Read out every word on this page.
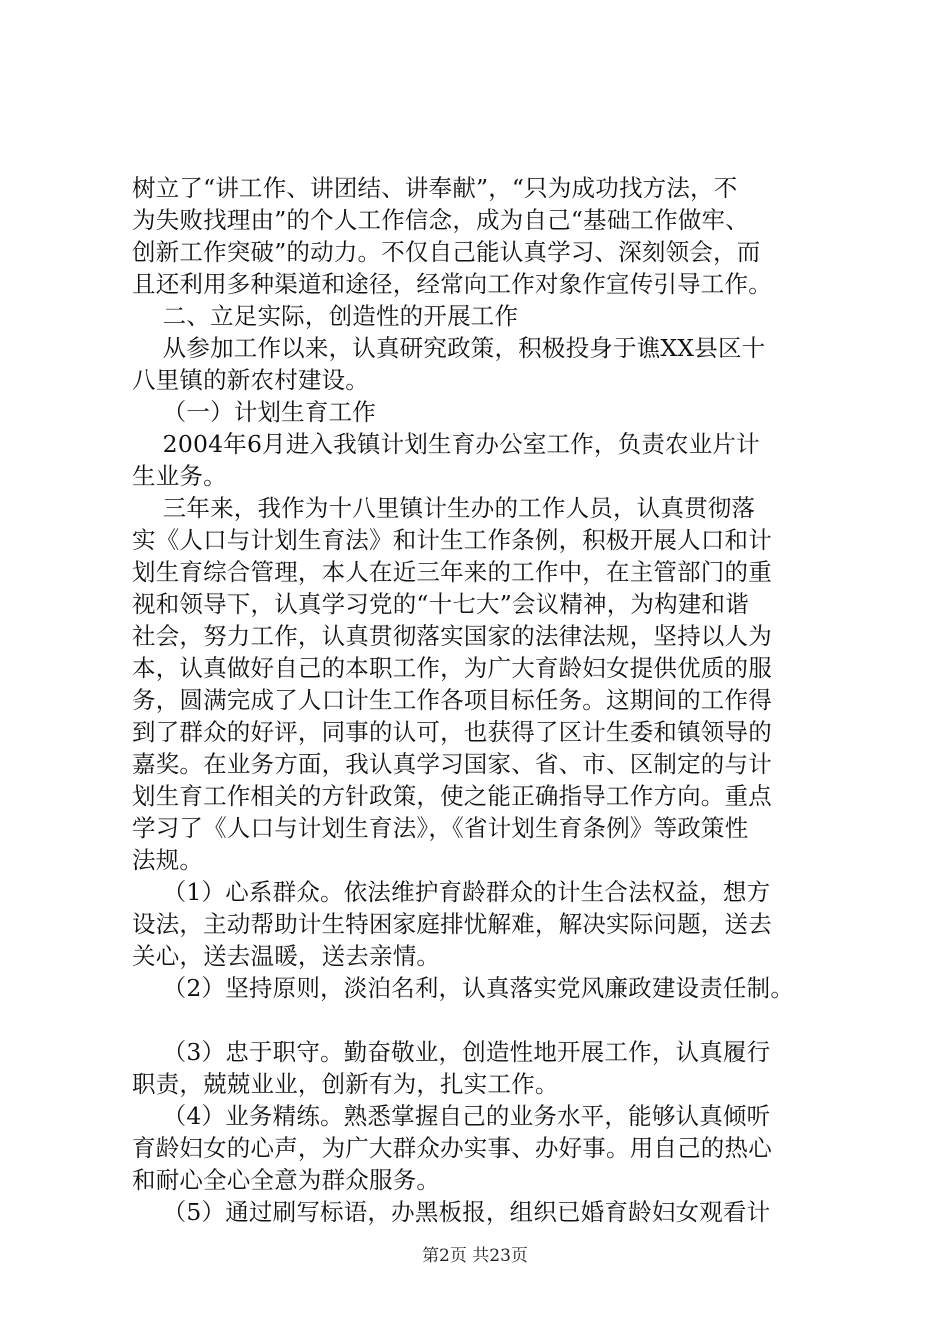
树立了“讲工作、讲团结、讲奉献”，“只为成功找方法，不
为失败找理由”的个人工作信念，成为自己“基础工作做牢、
创新工作突破”的动力。不仅自己能认真学习、深刻领会，而
且还利用多种渠道和途径，经常向工作对象作宣传引导工作。
二、立足实际，创造性的开展工作
从参加工作以来，认真研究政策，积极投身于谯XX县区十
八里镇的新农村建设。
（一）计划生育工作
2004年6月进入我镇计划生育办公室工作，负责农业片计
生业务。
三年来，我作为十八里镇计生办的工作人员，认真贯彻落
实《人口与计划生育法》和计生工作条例，积极开展人口和计
划生育综合管理，本人在近三年来的工作中，在主管部门的重
视和领导下，认真学习党的“十七大”会议精神，为构建和谐
社会，努力工作，认真贯彻落实国家的法律法规，坚持以人为
本，认真做好自己的本职工作，为广大育龄妇女提供优质的服
务，圆满完成了人口计生工作各项目标任务。这期间的工作得
到了群众的好评，同事的认可，也获得了区计生委和镇领导的
嘉奖。在业务方面，我认真学习国家、省、市、区制定的与计
划生育工作相关的方针政策，使之能正确指导工作方向。重点
学习了《人口与计划生育法》，《省计划生育条例》等政策性
法规。
（1）心系群众。依法维护育龄群众的计生合法权益，想方
设法，主动帮助计生特困家庭排忧解难，解决实际问题，送去
关心，送去温暖，送去亲情。
（2）坚持原则，淡泊名利，认真落实党风廉政建设责任制。
（3）忠于职守。勤奋敬业，创造性地开展工作，认真履行
职责，兢兢业业，创新有为，扎实工作。
（4）业务精练。熟悉掌握自己的业务水平，能够认真倾听
育龄妇女的心声，为广大群众办实事、办好事。用自己的热心
和耐心全心全意为群众服务。
（5）通过刷写标语，办黑板报，组织已婚育龄妇女观看计
第2页 共23页
